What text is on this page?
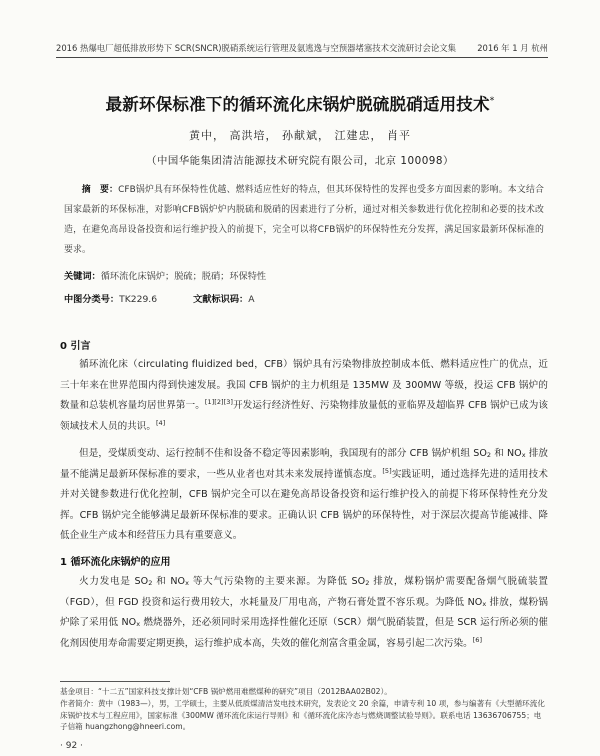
2016 热爆电厂超低排放形势下 SCR(SNCR)脱硝系统运行管理及氨逃逸与空预器堵塞技术交流研讨会论文集	2016 年 1 月 杭州
最新环保标准下的循环流化床锅炉脱硫脱硝适用技术*
黄中， 高洪培， 孙献斌， 江建忠， 肖平
（中国华能集团清洁能源技术研究院有限公司，北京 100098）
摘　要：CFB锅炉具有环保特性优越、燃料适应性好的特点，但其环保特性的发挥也受多方面因素的影响。本文结合国家最新的环保标准，对影响CFB锅炉炉内脱硫和脱硝的因素进行了分析，通过对相关参数进行优化控制和必要的技术改造，在避免高昂设备投资和运行维护投入的前提下，完全可以将CFB锅炉的环保特性充分发挥，满足国家最新环保标准的要求。
关键词：循环流化床锅炉；脱硫；脱硝；环保特性
中图分类号：TK229.6	文献标识码：A
0 引言
循环流化床（circulating fluidized bed，CFB）锅炉具有污染物排放控制成本低、燃料适应性广的优点，近三十年来在世界范围内得到快速发展。我国 CFB 锅炉的主力机组是 135MW 及 300MW 等级，投运 CFB 锅炉的数量和总装机容量均居世界第一。[1][2][3]开发运行经济性好、污染物排放量低的亚临界及超临界 CFB 锅炉已成为该领域技术人员的共识。[4]
但是，受煤质变动、运行控制不佳和设备不稳定等因素影响，我国现有的部分 CFB 锅炉机组 $SO_2$ 和 $NO_x$ 排放量不能满足最新环保标准的要求，一些从业者也对其未来发展持谨慎态度。[5]实践证明，通过选择先进的适用技术并对关键参数进行优化控制，CFB 锅炉完全可以在避免高昂设备投资和运行维护投入的前提下将环保特性充分发挥。CFB 锅炉完全能够满足最新环保标准的要求。正确认识 CFB 锅炉的环保特性，对于深层次提高节能减排、降低企业生产成本和经营压力具有重要意义。
1 循环流化床锅炉的应用
火力发电是 $SO_2$ 和 $NO_x$ 等大气污染物的主要来源。为降低 $SO_2$ 排放，煤粉锅炉需要配备烟气脱硫装置（FGD），但 FGD 投资和运行费用较大，水耗量及厂用电高，产物石膏处置不容乐观。为降低 $NO_x$ 排放，煤粉锅炉除了采用低 $NO_x$ 燃烧器外，还必须同时采用选择性催化还原（SCR）烟气脱硝装置，但是 SCR 运行所必须的催化剂因使用寿命需要定期更换，运行维护成本高，失效的催化剂富含重金属，容易引起二次污染。[6]
基金项目：“十二五”国家科技支撑计划“CFB 锅炉燃用难燃煤种的研究”项目（2012BAA02B02）。
作者简介：黄中（1983—），男，工学硕士，主要从低质煤清洁发电技术研究，发表论文 20 余篇，申请专利 10 项，参与编著有《大型循环流化床锅炉技术与工程应用》，国家标准《300MW 循环流化床运行导则》和《循环流化床冷态与燃烧调整试验导则》。联系电话 13636706755；电子信箱 huangzhong@hneeri.com。
· 92 ·
